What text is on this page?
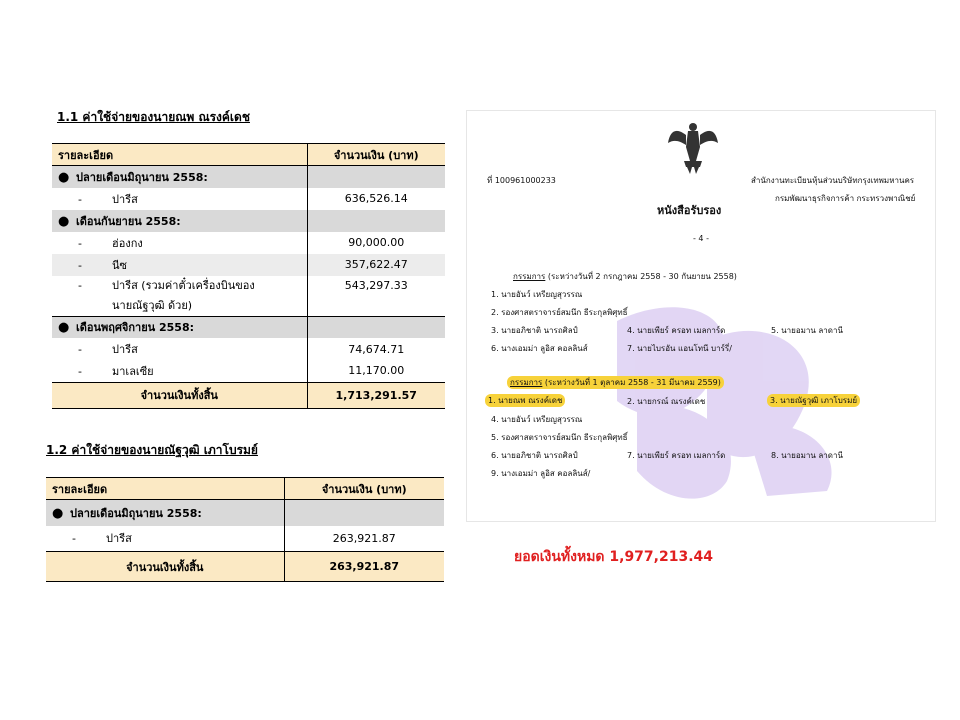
1.1 ค่าใช้จ่ายของนายณพ ณรงค์เดช
รายละเอียด	จำนวนเงิน (บาท)
● ปลายเดือนมิถุนายน 2558:	
- ปารีส	636,526.14
● เดือนกันยายน 2558:	
- ฮ่องกง	90,000.00
- นีซ	357,622.47
- ปารีส (รวมค่าตั๋วเครื่องบินของ
นายณัฐวุฒิ ด้วย)	543,297.33
● เดือนพฤศจิกายน 2558:	
- ปารีส	74,674.71
- มาเลเซีย	11,170.00
จำนวนเงินทั้งสิ้น	1,713,291.57
1.2 ค่าใช้จ่ายของนายณัฐวุฒิ เภาโบรมย์
รายละเอียด	จำนวนเงิน (บาท)
● ปลายเดือนมิถุนายน 2558:	
- ปารีส	263,921.87
จำนวนเงินทั้งสิ้น	263,921.87
ที่ 100961000233	สำนักงานทะเบียนหุ้นส่วนบริษัทกรุงเทพมหานคร
กรมพัฒนาธุรกิจการค้า กระทรวงพาณิชย์
หนังสือรับรอง
- 4 -
กรรมการ (ระหว่างวันที่ 2 กรกฎาคม 2558 - 30 กันยายน 2558)
1. นายอันว์ เหรียญสุวรรณ
2. รองศาสตราจารย์สมนึก ธีระกุลพิศุทธิ์
3. นายอภิชาติ นารถศิลป์	4. นายเพียร์ ครอท เมลการ์ด	5. นายอมาน ลาดานี
6. นางเอมม่า ลูอิส คอลลินส์	7. นายไบรอัน แอนโทนี บาร์รี่/
กรรมการ (ระหว่างวันที่ 1 ตุลาคม 2558 - 31 มีนาคม 2559)
1. นายณพ ณรงค์เดช	2. นายกรณ์ ณรงค์เดช	3. นายณัฐวุฒิ เภาโบรมย์
4. นายอันว์ เหรียญสุวรรณ
5. รองศาสตราจารย์สมนึก ธีระกุลพิศุทธิ์
6. นายอภิชาติ นารถศิลป์	7. นายเพียร์ ครอท เมลการ์ด	8. นายอมาน ลาดานี
9. นางเอมม่า ลูอิส คอลลินส์/
ยอดเงินทั้งหมด 1,977,213.44
